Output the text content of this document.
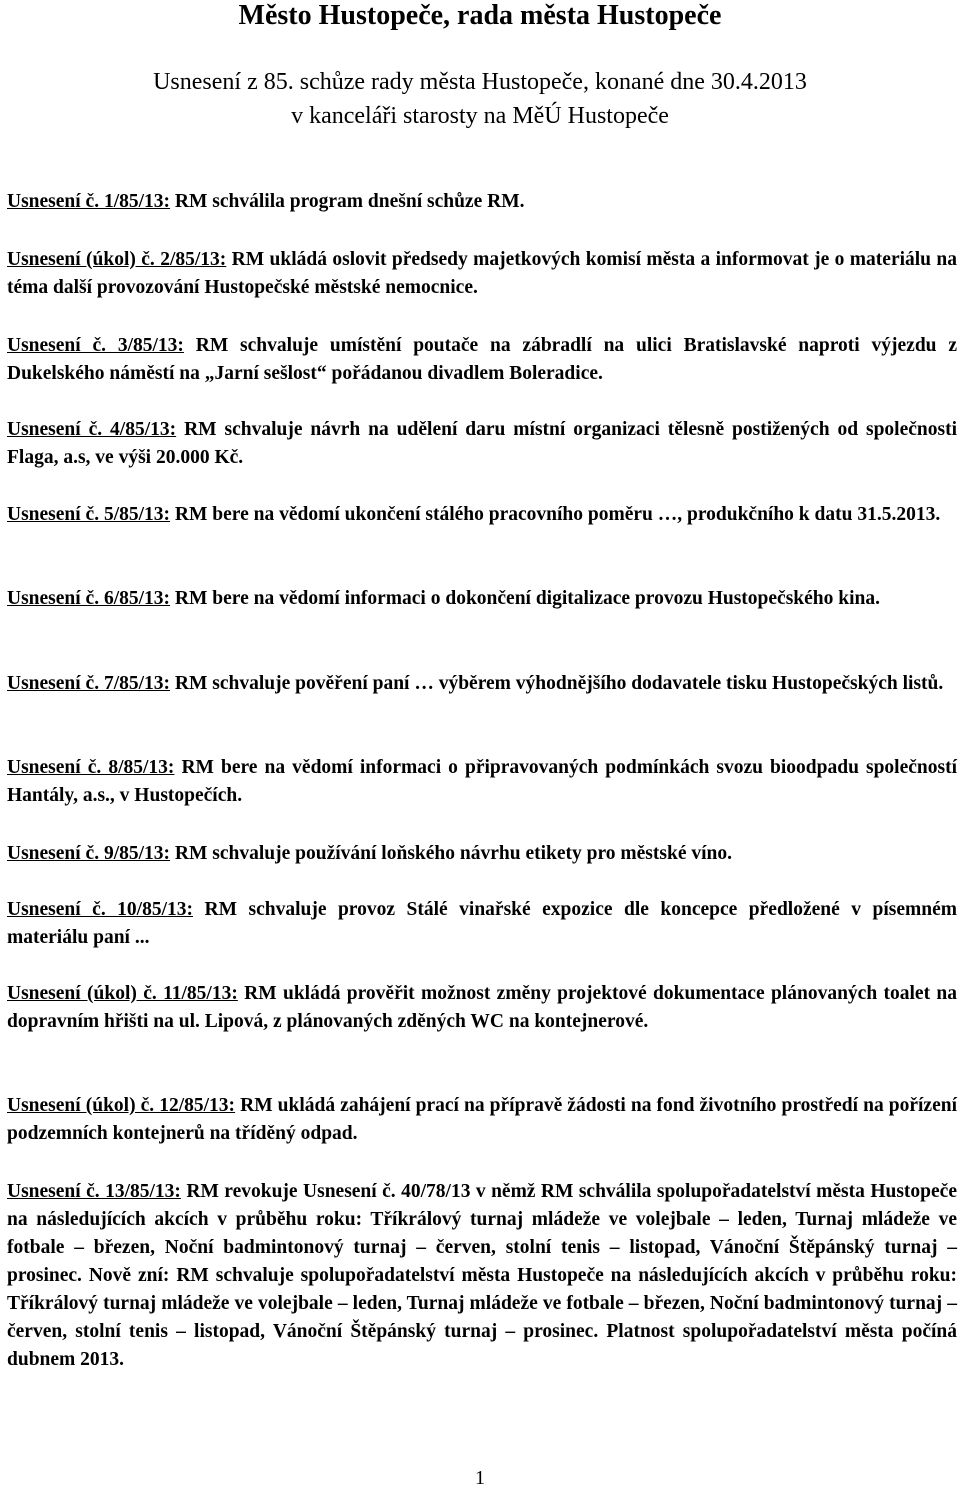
Město Hustopeče, rada města Hustopeče
Usnesení z 85. schůze rady města Hustopeče, konané dne 30.4.2013
v kanceláři starosty na MěÚ Hustopeče
Usnesení č. 1/85/13: RM schválila program dnešní schůze RM.
Usnesení (úkol) č. 2/85/13: RM ukládá oslovit předsedy majetkových komisí města a informovat je o materiálu na téma další provozování Hustopečské městské nemocnice.
Usnesení č. 3/85/13: RM schvaluje umístění poutače na zábradlí na ulici Bratislavské naproti výjezdu z Dukelského náměstí na „Jarní sešlost“ pořádanou divadlem Boleradice.
Usnesení č. 4/85/13: RM schvaluje návrh na udělení daru místní organizaci tělesně postižených od společnosti Flaga, a.s, ve výši 20.000 Kč.
Usnesení č. 5/85/13: RM bere na vědomí ukončení stálého pracovního poměru …, produkčního k datu 31.5.2013.
Usnesení č. 6/85/13: RM bere na vědomí informaci o dokončení digitalizace provozu Hustopečského kina.
Usnesení č. 7/85/13: RM schvaluje pověření paní … výběrem výhodnějšího dodavatele tisku Hustopečských listů.
Usnesení č. 8/85/13: RM bere na vědomí informaci o připravovaných podmínkách svozu bioodpadu společností Hantály, a.s., v Hustopečích.
Usnesení č. 9/85/13: RM schvaluje používání loňského návrhu etikety pro městské víno.
Usnesení č. 10/85/13: RM schvaluje provoz Stálé vinařské expozice dle koncepce předložené v písemném materiálu paní ...
Usnesení (úkol) č. 11/85/13: RM ukládá prověřit možnost změny projektové dokumentace plánovaných toalet na dopravním hřišti na ul. Lipová, z plánovaných zděných WC na kontejnerové.
Usnesení (úkol) č. 12/85/13: RM ukládá zahájení prací na přípravě žádosti na fond životního prostředí na pořízení podzemních kontejnerů na tříděný odpad.
Usnesení č. 13/85/13: RM revokuje Usnesení č. 40/78/13 v němž RM schválila spolupořadatelství města Hustopeče na následujících akcích v průběhu roku: Tříkrálový turnaj mládeže ve volejbale – leden, Turnaj mládeže ve fotbale – březen, Noční badmintonový turnaj – červen, stolní tenis – listopad, Vánoční Štěpánský turnaj – prosinec. Nově zní: RM schvaluje spolupořadatelství města Hustopeče na následujících akcích v průběhu roku: Tříkrálový turnaj mládeže ve volejbale – leden, Turnaj mládeže ve fotbale – březen, Noční badmintonový turnaj – červen, stolní tenis – listopad, Vánoční Štěpánský turnaj – prosinec. Platnost spolupořadatelství města počíná dubnem 2013.
1
